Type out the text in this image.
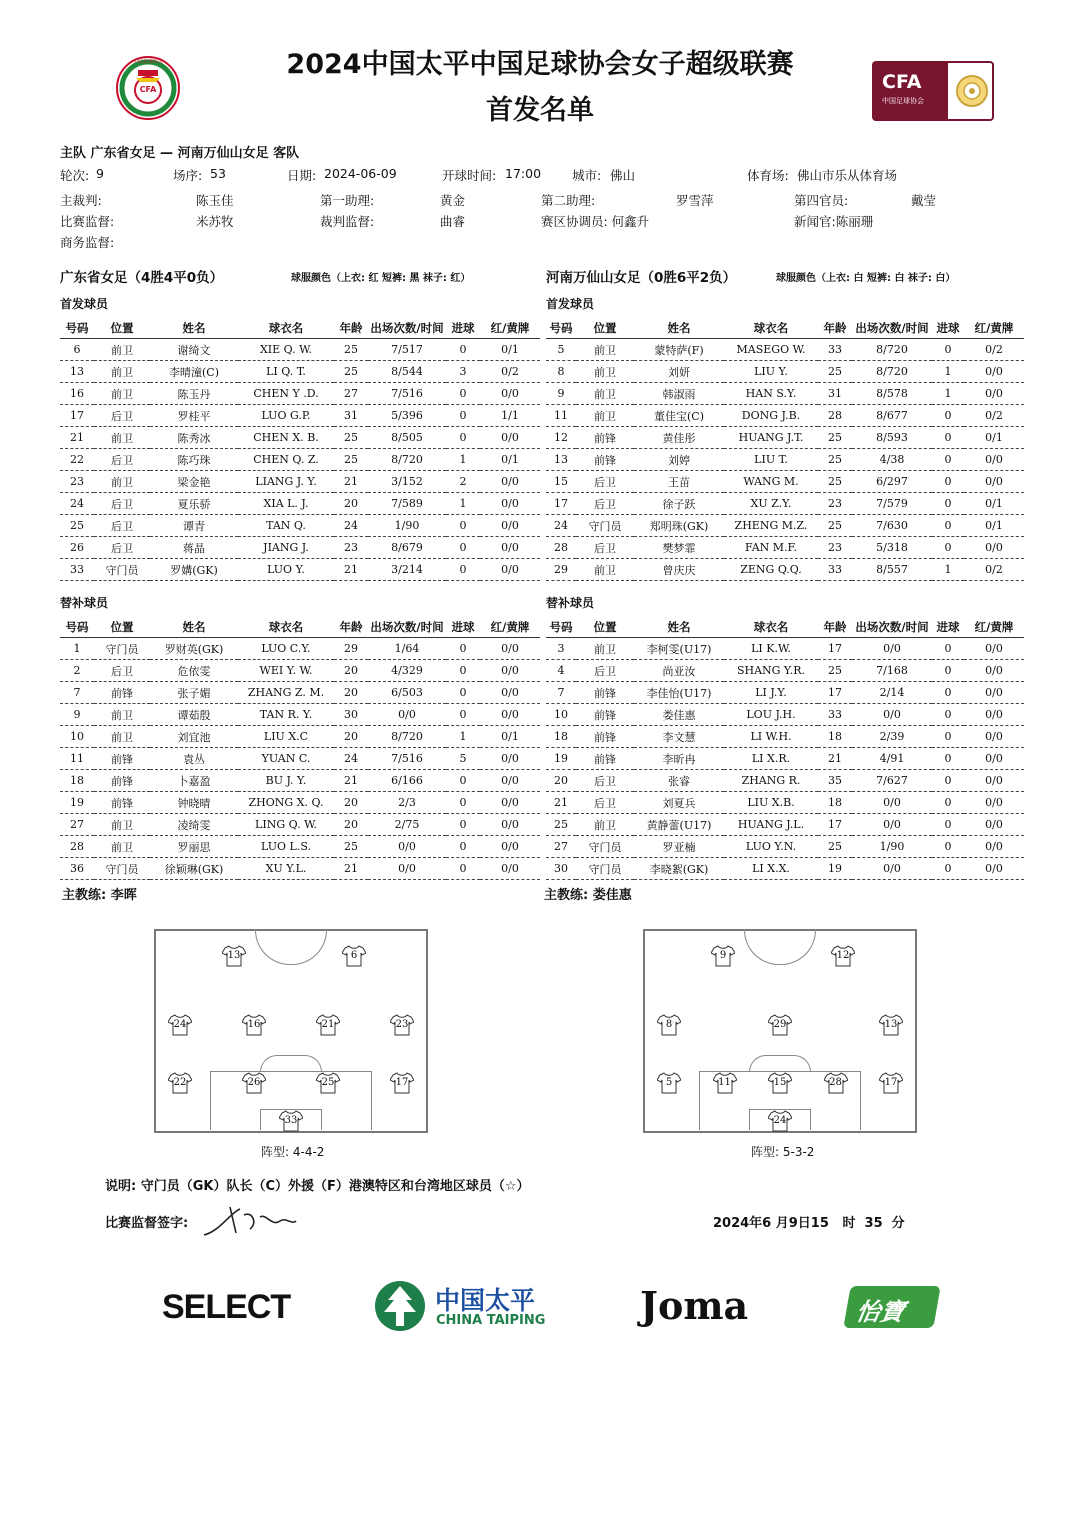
CFA
中国足球协会	2024中国太平中国足球协会女子超级联赛
首发名单
CFA
中国足球协会
主队 广东省女足 — 河南万仙山女足 客队
轮次: 9	场序: 53	日期: 2024-06-09	开球时间: 17:00 城市: 佛山	体育场: 佛山市乐从体育场
主裁判:	陈玉佳	第一助理:	黄金	第二助理:	罗雪萍	第四官员:	戴莹
比赛监督:	米苏牧	裁判监督:	曲睿	赛区协调员: 何鑫升	新闻官:陈丽珊
商务监督:
广东省女足（4胜4平0负）	球服颜色（上衣: 红 短裤: 黑 袜子: 红）
首发球员
河南万仙山女足（0胜6平2负）	球服颜色（上衣: 白 短裤: 白 袜子: 白）
首发球员
号码	位置	姓名	球衣名	年龄	出场次数/时间	进球	红/黄牌
6	前卫	谢绮文	XIE Q. W.	25	7/517	0	0/1
13	前卫	李晴潼(C)	LI Q. T.	25	8/544	3	0/2
16	前卫	陈玉丹	CHEN Y .D.	27	7/516	0	0/0
17	后卫	罗桂平	LUO G.P.	31	5/396	0	1/1
21	前卫	陈秀冰	CHEN X. B.	25	8/505	0	0/0
22	后卫	陈巧珠	CHEN Q. Z.	25	8/720	1	0/1
23	前卫	梁金艳	LIANG J. Y.	21	3/152	2	0/0
24	后卫	夏乐骄	XIA L. J.	20	7/589	1	0/0
25	后卫	谭青	TAN Q.	24	1/90	0	0/0
26	后卫	蒋晶	JIANG J.	23	8/679	0	0/0
33	守门员	罗媾(GK)	LUO Y.	21	3/214	0	0/0
号码	位置	姓名	球衣名	年龄	出场次数/时间	进球	红/黄牌
5	前卫	蒙特萨(F)	MASEGO W.	33	8/720	0	0/2
8	前卫	刘妍	LIU Y.	25	8/720	1	0/0
9	前卫	韩淑雨	HAN S.Y.	31	8/578	1	0/0
11	前卫	董佳宝(C)	DONG J.B.	28	8/677	0	0/2
12	前锋	黄佳彤	HUANG J.T.	25	8/593	0	0/1
13	前锋	刘婷	LIU T.	25	4/38	0	0/0
15	后卫	王苗	WANG M.	25	6/297	0	0/0
17	后卫	徐子跃	XU Z.Y.	23	7/579	0	0/1
24	守门员	郑明珠(GK)	ZHENG M.Z.	25	7/630	0	0/1
28	后卫	樊梦霏	FAN M.F.	23	5/318	0	0/0
29	前卫	曾庆庆	ZENG Q.Q.	33	8/557	1	0/2
替补球员	替补球员
号码	位置	姓名	球衣名	年龄	出场次数/时间	进球	红/黄牌
1	守门员	罗财英(GK)	LUO C.Y.	29	1/64	0	0/0
2	后卫	危依雯	WEI Y. W.	20	4/329	0	0/0
7	前锋	张子媚	ZHANG Z. M.	20	6/503	0	0/0
9	前卫	谭茹殷	TAN R. Y.	30	0/0	0	0/0
10	前卫	刘宜池	LIU X.C	20	8/720	1	0/1
11	前锋	袁丛	YUAN C.	24	7/516	5	0/0
18	前锋	卜嘉盈	BU J. Y.	21	6/166	0	0/0
19	前锋	钟晓晴	ZHONG X. Q.	20	2/3	0	0/0
27	前卫	凌绮雯	LING Q. W.	20	2/75	0	0/0
28	前卫	罗丽思	LUO L.S.	25	0/0	0	0/0
36	守门员	徐颖琳(GK)	XU Y.L.	21	0/0	0	0/0
号码	位置	姓名	球衣名	年龄	出场次数/时间	进球	红/黄牌
3	前卫	李柯雯(U17)	LI K.W.	17	0/0	0	0/0
4	后卫	尚亚汝	SHANG Y.R.	25	7/168	0	0/0
7	前锋	李佳怡(U17)	LI J.Y.	17	2/14	0	0/0
10	前锋	娄佳惠	LOU J.H.	33	0/0	0	0/0
18	前锋	李文慧	LI W.H.	18	2/39	0	0/0
19	前锋	李昕冉	LI X.R.	21	4/91	0	0/0
20	后卫	张睿	ZHANG R.	35	7/627	0	0/0
21	后卫	刘夏兵	LIU X.B.	18	0/0	0	0/0
25	前卫	黄静蕾(U17)	HUANG J.L.	17	0/0	0	0/0
27	守门员	罗亚楠	LUO Y.N.	25	1/90	0	0/0
30	守门员	李晓絮(GK)	LI X.X.	19	0/0	0	0/0
主教练: 李晖	主教练: 娄佳惠
13	6
24	16	21	23
22	26	25	17
33
9	12
8	29	13
5	11	15	28	17
24
阵型: 4-4-2	阵型: 5-3-2
说明: 守门员（GK）队长（C）外援（F）港澳特区和台湾地区球员（☆）
比赛监督签字:	2024年6 月9日15   时  35  分
SELECT	中国太平
CHINA TAIPING Joma	怡寶
